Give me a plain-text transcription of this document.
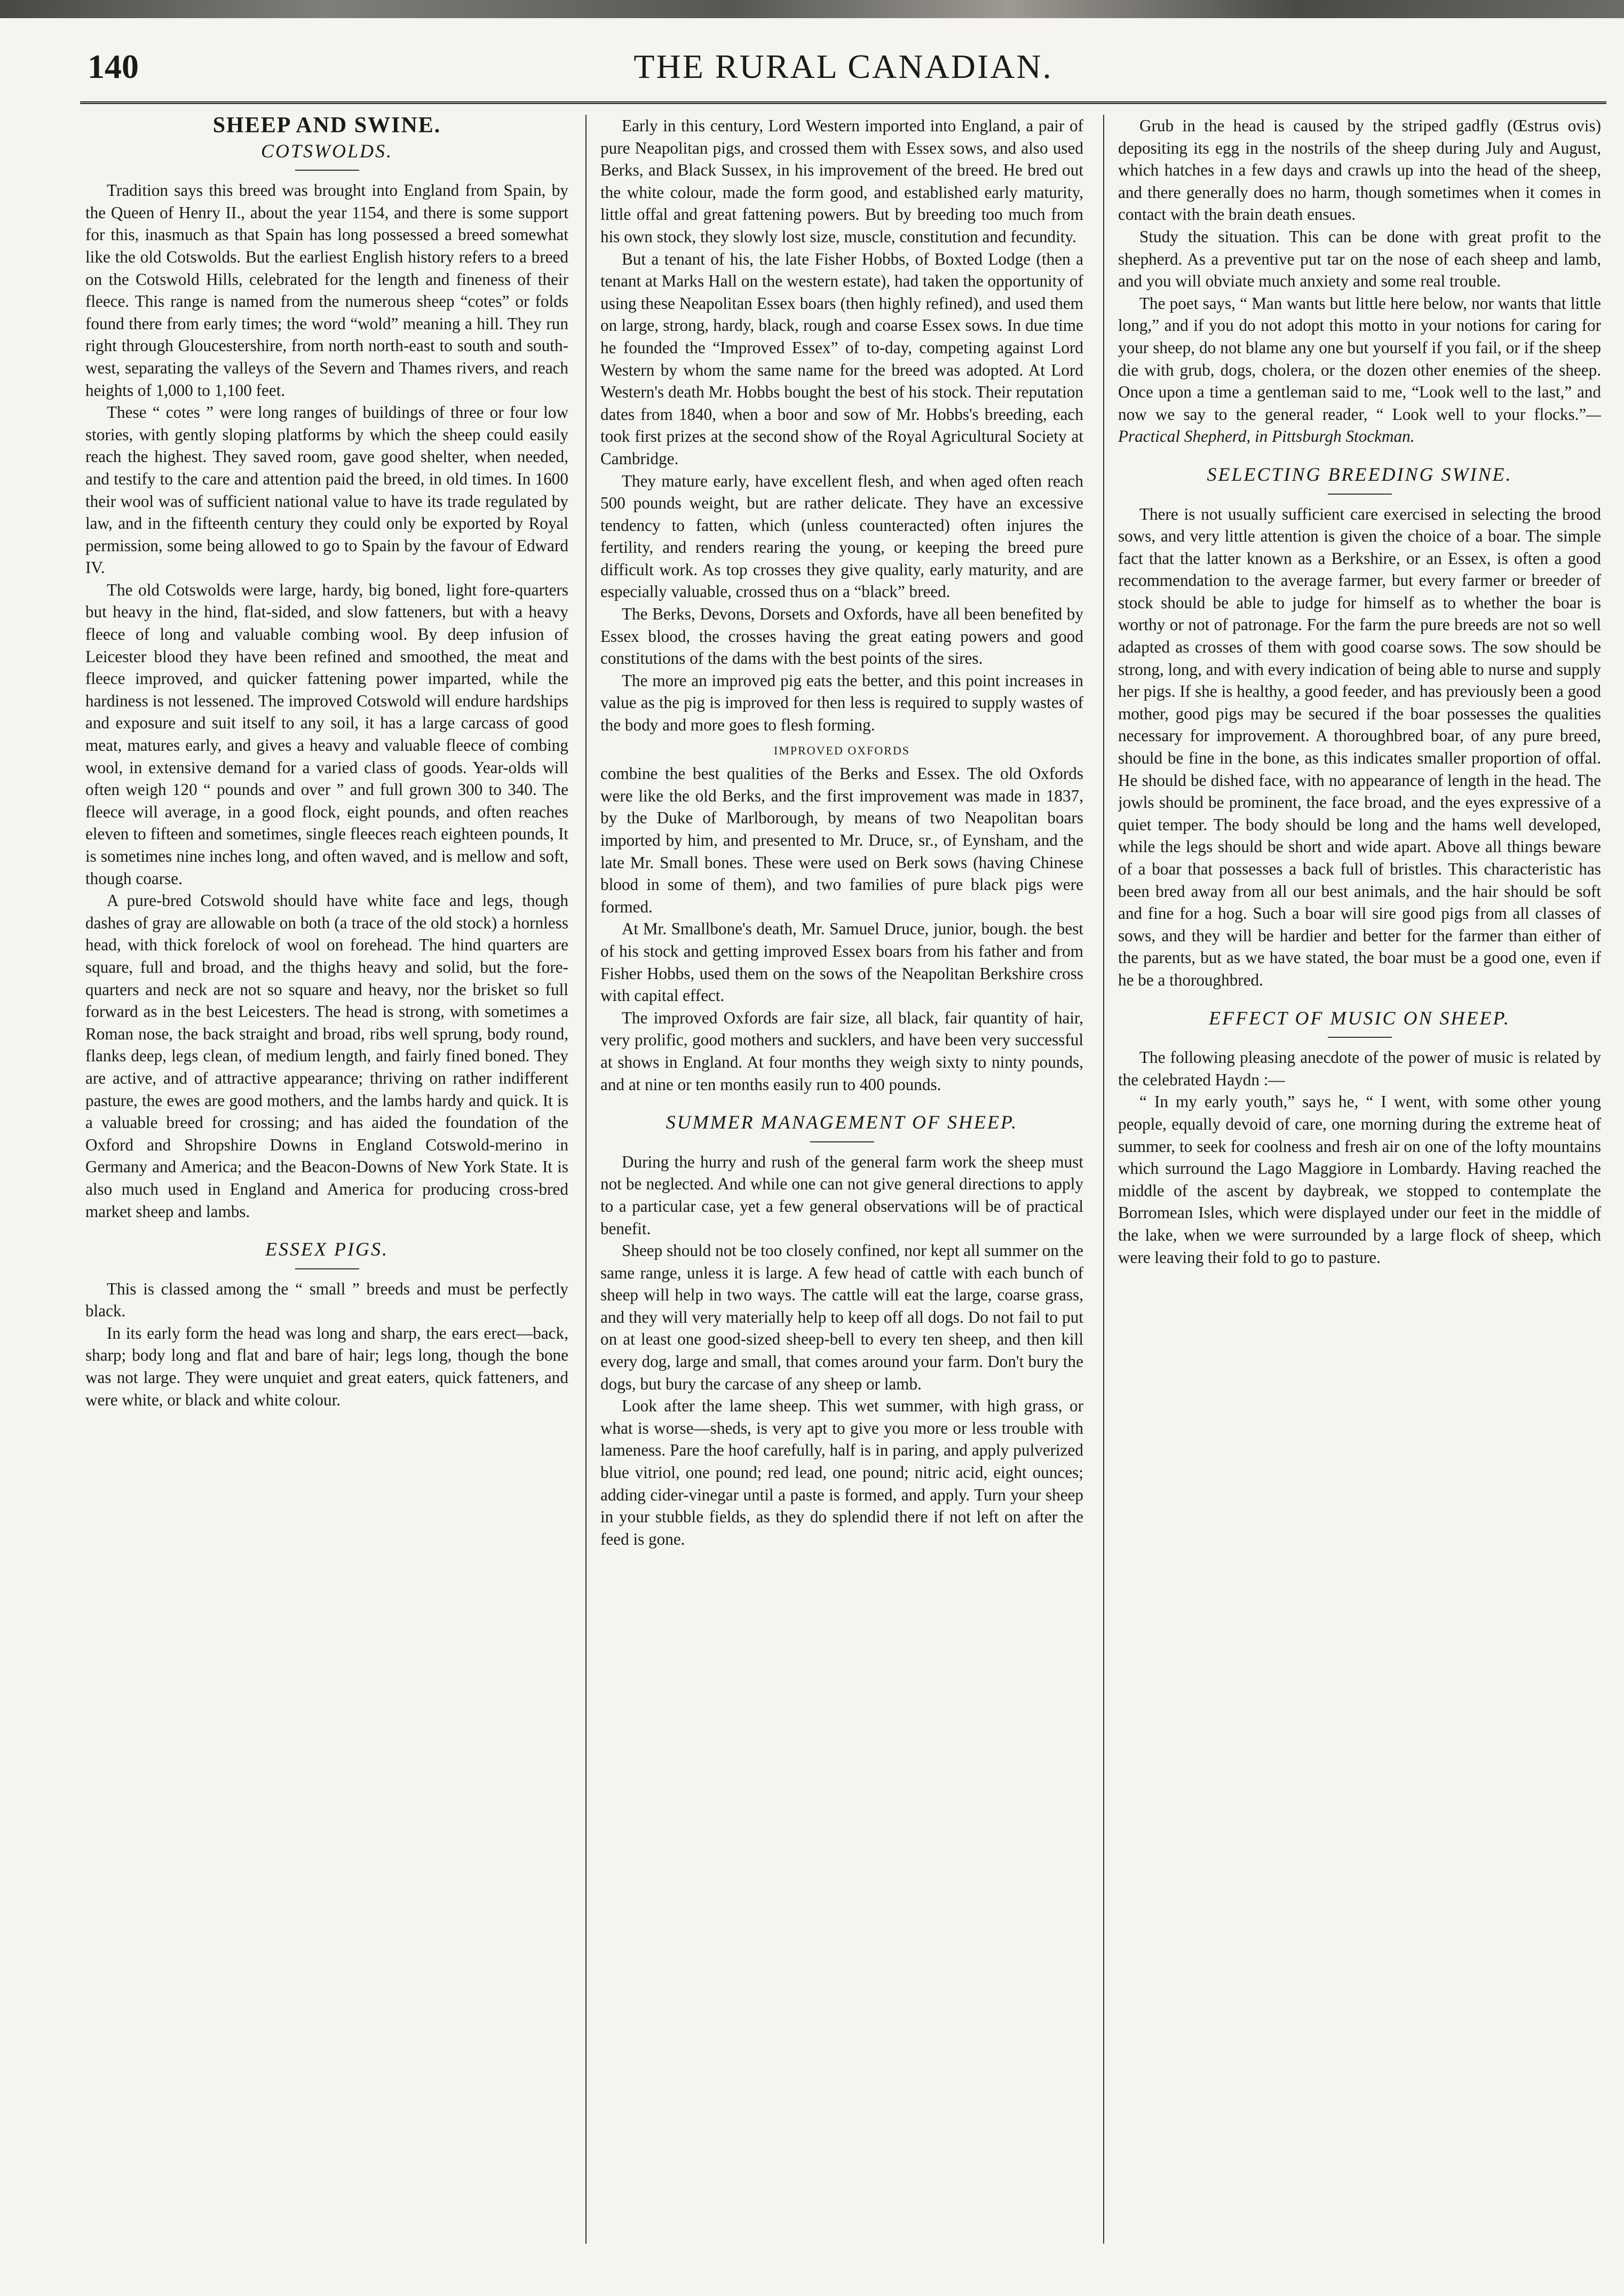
140	THE RURAL CANADIAN.
SHEEP AND SWINE.
COTSWOLDS.

Tradition says this breed was brought into England from Spain, by the Queen of Henry II., about the year 1154, and there is some support for this, inasmuch as that Spain has long possessed a breed somewhat like the old Cotswolds. But the earliest English history refers to a breed on the Cotswold Hills, celebrated for the length and fineness of their fleece. This range is named from the numerous sheep “cotes” or folds found there from early times; the word “wold” meaning a hill. They run right through Gloucestershire, from north north-east to south and south-west, separating the valleys of the Severn and Thames rivers, and reach heights of 1,000 to 1,100 feet.

These “ cotes ” were long ranges of buildings of three or four low stories, with gently sloping platforms by which the sheep could easily reach the highest. They saved room, gave good shelter, when needed, and testify to the care and attention paid the breed, in old times. In 1600 their wool was of sufficient national value to have its trade regulated by law, and in the fifteenth century they could only be exported by Royal permission, some being allowed to go to Spain by the favour of Edward IV.

The old Cotswolds were large, hardy, big boned, light fore-quarters but heavy in the hind, flat-sided, and slow fatteners, but with a heavy fleece of long and valuable combing wool. By deep infusion of Leicester blood they have been refined and smoothed, the meat and fleece improved, and quicker fattening power imparted, while the hardiness is not lessened. The improved Cotswold will endure hardships and exposure and suit itself to any soil, it has a large carcass of good meat, matures early, and gives a heavy and valuable fleece of combing wool, in extensive demand for a varied class of goods. Year-olds will often weigh 120 “ pounds and over ” and full grown 300 to 340. The fleece will average, in a good flock, eight pounds, and often reaches eleven to fifteen and sometimes, single fleeces reach eighteen pounds, It is sometimes nine inches long, and often waved, and is mellow and soft, though coarse.

A pure-bred Cotswold should have white face and legs, though dashes of gray are allowable on both (a trace of the old stock) a hornless head, with thick forelock of wool on forehead. The hind quarters are square, full and broad, and the thighs heavy and solid, but the fore-quarters and neck are not so square and heavy, nor the brisket so full forward as in the best Leicesters. The head is strong, with sometimes a Roman nose, the back straight and broad, ribs well sprung, body round, flanks deep, legs clean, of medium length, and fairly fined boned. They are active, and of attractive appearance; thriving on rather indifferent pasture, the ewes are good mothers, and the lambs hardy and quick. It is a valuable breed for crossing; and has aided the foundation of the Oxford and Shropshire Downs in England Cotswold-merino in Germany and America; and the Beacon-Downs of New York State. It is also much used in England and America for producing cross-bred market sheep and lambs.

ESSEX PIGS.

This is classed among the “ small ” breeds and must be perfectly black.

In its early form the head was long and sharp, the ears erect—back, sharp; body long and flat and bare of hair; legs long, though the bone was not large. They were unquiet and great eaters, quick fatteners, and were white, or black and white colour.

Early in this century, Lord Western imported into England, a pair of pure Neapolitan pigs, and crossed them with Essex sows, and also used Berks, and Black Sussex, in his improvement of the breed. He bred out the white colour, made the form good, and established early maturity, little offal and great fattening powers. But by breeding too much from his own stock, they slowly lost size, muscle, constitution and fecundity.

But a tenant of his, the late Fisher Hobbs, of Boxted Lodge (then a tenant at Marks Hall on the western estate), had taken the opportunity of using these Neapolitan Essex boars (then highly refined), and used them on large, strong, hardy, black, rough and coarse Essex sows. In due time he founded the “Improved Essex” of to-day, competing against Lord Western by whom the same name for the breed was adopted. At Lord Western's death Mr. Hobbs bought the best of his stock. Their reputation dates from 1840, when a boor and sow of Mr. Hobbs's breeding, each took first prizes at the second show of the Royal Agricultural Society at Cambridge.

They mature early, have excellent flesh, and when aged often reach 500 pounds weight, but are rather delicate. They have an excessive tendency to fatten, which (unless counteracted) often injures the fertility, and renders rearing the young, or keeping the breed pure difficult work. As top crosses they give quality, early maturity, and are especially valuable, crossed thus on a “black” breed.

The Berks, Devons, Dorsets and Oxfords, have all been benefited by Essex blood, the crosses having the great eating powers and good constitutions of the dams with the best points of the sires.

The more an improved pig eats the better, and this point increases in value as the pig is improved for then less is required to supply wastes of the body and more goes to flesh forming.

IMPROVED OXFORDS

combine the best qualities of the Berks and Essex. The old Oxfords were like the old Berks, and the first improvement was made in 1837, by the Duke of Marlborough, by means of two Neapolitan boars imported by him, and presented to Mr. Druce, sr., of Eynsham, and the late Mr. Small bones. These were used on Berk sows (having Chinese blood in some of them), and two families of pure black pigs were formed.

At Mr. Smallbone's death, Mr. Samuel Druce, junior, bough. the best of his stock and getting improved Essex boars from his father and from Fisher Hobbs, used them on the sows of the Neapolitan Berkshire cross with capital effect.

The improved Oxfords are fair size, all black, fair quantity of hair, very prolific, good mothers and sucklers, and have been very successful at shows in England. At four months they weigh sixty to ninty pounds, and at nine or ten months easily run to 400 pounds.

SUMMER MANAGEMENT OF SHEEP.

During the hurry and rush of the general farm work the sheep must not be neglected. And while one can not give general directions to apply to a particular case, yet a few general observations will be of practical benefit.

Sheep should not be too closely confined, nor kept all summer on the same range, unless it is large. A few head of cattle with each bunch of sheep will help in two ways. The cattle will eat the large, coarse grass, and they will very materially help to keep off all dogs. Do not fail to put on at least one good-sized sheep-bell to every ten sheep, and then kill every dog, large and small, that comes around your farm. Don't bury the dogs, but bury the carcase of any sheep or lamb.

Look after the lame sheep. This wet summer, with high grass, or what is worse—sheds, is very apt to give you more or less trouble with lameness. Pare the hoof carefully, half is in paring, and apply pulverized blue vitriol, one pound; red lead, one pound; nitric acid, eight ounces; adding cider-vinegar until a paste is formed, and apply. Turn your sheep in your stubble fields, as they do splendid there if not left on after the feed is gone.

Grub in the head is caused by the striped gadfly (Œstrus ovis) depositing its egg in the nostrils of the sheep during July and August, which hatches in a few days and crawls up into the head of the sheep, and there generally does no harm, though sometimes when it comes in contact with the brain death ensues.

Study the situation. This can be done with great profit to the shepherd. As a preventive put tar on the nose of each sheep and lamb, and you will obviate much anxiety and some real trouble.

The poet says, “ Man wants but little here below, nor wants that little long,” and if you do not adopt this motto in your notions for caring for your sheep, do not blame any one but yourself if you fail, or if the sheep die with grub, dogs, cholera, or the dozen other enemies of the sheep. Once upon a time a gentleman said to me, “Look well to the last,” and now we say to the general reader, “ Look well to your flocks.”—Practical Shepherd, in Pittsburgh Stockman.

SELECTING BREEDING SWINE.

There is not usually sufficient care exercised in selecting the brood sows, and very little attention is given the choice of a boar. The simple fact that the latter known as a Berkshire, or an Essex, is often a good recommendation to the average farmer, but every farmer or breeder of stock should be able to judge for himself as to whether the boar is worthy or not of patronage. For the farm the pure breeds are not so well adapted as crosses of them with good coarse sows. The sow should be strong, long, and with every indication of being able to nurse and supply her pigs. If she is healthy, a good feeder, and has previously been a good mother, good pigs may be secured if the boar possesses the qualities necessary for improvement. A thoroughbred boar, of any pure breed, should be fine in the bone, as this indicates smaller proportion of offal. He should be dished face, with no appearance of length in the head. The jowls should be prominent, the face broad, and the eyes expressive of a quiet temper. The body should be long and the hams well developed, while the legs should be short and wide apart. Above all things beware of a boar that possesses a back full of bristles. This characteristic has been bred away from all our best animals, and the hair should be soft and fine for a hog. Such a boar will sire good pigs from all classes of sows, and they will be hardier and better for the farmer than either of the parents, but as we have stated, the boar must be a good one, even if he be a thoroughbred.

EFFECT OF MUSIC ON SHEEP.

The following pleasing anecdote of the power of music is related by the celebrated Haydn :—

“ In my early youth,” says he, “ I went, with some other young people, equally devoid of care, one morning during the extreme heat of summer, to seek for coolness and fresh air on one of the lofty mountains which surround the Lago Maggiore in Lombardy. Having reached the middle of the ascent by daybreak, we stopped to contemplate the Borromean Isles, which were displayed under our feet in the middle of the lake, when we were surrounded by a large flock of sheep, which were leaving their fold to go to pasture.
